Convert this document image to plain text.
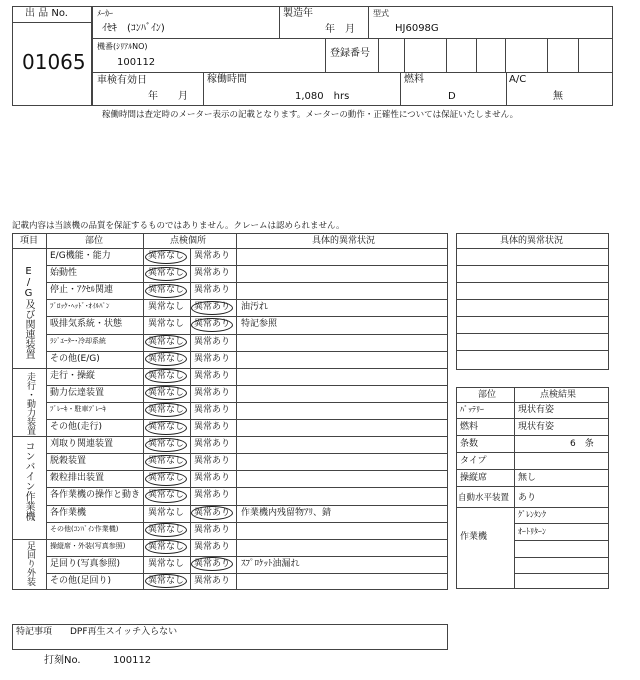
出 品 No.
01065
ﾒｰｶｰ
ｲｾｷ　(ｺﾝﾊﾞｲﾝ)
製造年
年　月
型式
HJ6098G
機番(ｼﾘｱﾙNO)
100112
登録番号
車検有効日
年　　月
稼働時間
1,080　hrs
燃料
D
A/C
無
稼働時間は査定時のメーター表示の記載となります。メーターの動作・正確性については保証いたしません。
記載内容は当該機の品質を保証するものではありません。クレームは認められません。
項目	部位	点検個所	具体的異常状況
E/G及び関連装置
走行・動力装置
コンバイン作業機
足回り外装
E/G機能・能力	異常なし 異常あり
始動性	異常なし 異常あり
停止・ｱｸｾﾙ関連	異常なし 異常あり
ﾌﾞﾛｯｸ･ﾍｯﾄﾞ･ｵｲﾙﾊﾟﾝ	異常なし 異常あり 油汚れ
吸排気系統・状態	異常なし 異常あり 特記参照
ﾗｼﾞｴｰﾀｰ･冷却系統	異常なし 異常あり
その他(E/G)	異常なし 異常あり
走行・操縦	異常なし 異常あり
動力伝達装置	異常なし 異常あり
ﾌﾞﾚｰｷ・駐車ﾌﾞﾚｰｷ	異常なし 異常あり
その他(走行)	異常なし 異常あり
刈取り関連装置	異常なし 異常あり
脱穀装置	異常なし 異常あり
穀粒排出装置	異常なし 異常あり
各作業機の操作と動き 異常なし 異常あり
各作業機	異常なし 異常あり 作業機内残留物ｱﾘ、錆
その他(ｺﾝﾊﾞｲﾝ作業機)	異常なし 異常あり
操縦席・外装(写真参照)	異常なし 異常あり
足回り(写真参照)	異常なし 異常あり ｽﾌﾟﾛｹｯﾄ油漏れ
その他(足回り)	異常なし 異常あり
具体的異常状況
部位	点検結果
ﾊﾞｯﾃﾘｰ	現状有姿
燃料	現状有姿
条数	6　条
タイプ
操縦席	無し
自動水平装置 あり
作業機
ｸﾞﾚﾝﾀﾝｸ
ｵｰﾄﾘﾀｰﾝ
特記事項 DPF再生スイッチ入らない
打刻No.	100112
